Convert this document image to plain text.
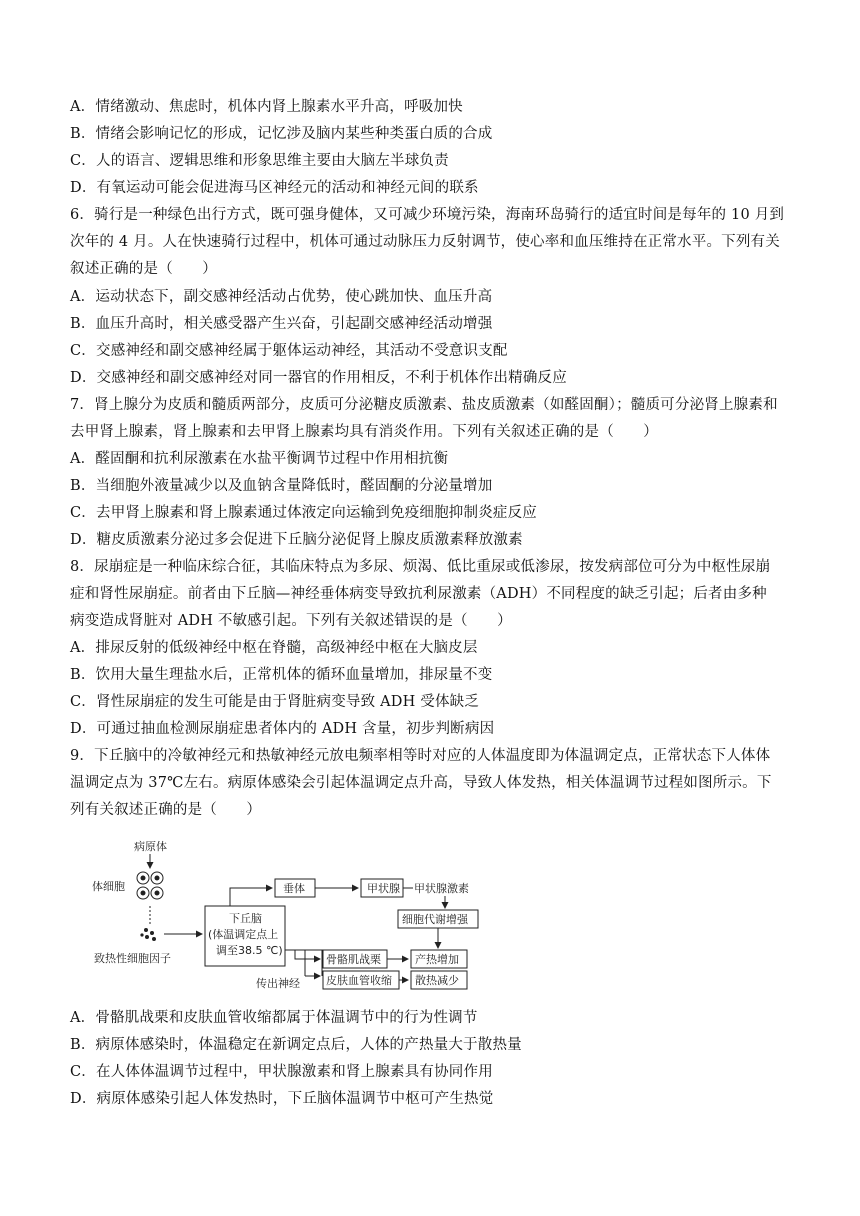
A．情绪激动、焦虑时，机体内肾上腺素水平升高，呼吸加快
B．情绪会影响记忆的形成，记忆涉及脑内某些种类蛋白质的合成
C．人的语言、逻辑思维和形象思维主要由大脑左半球负责
D．有氧运动可能会促进海马区神经元的活动和神经元间的联系
6．骑行是一种绿色出行方式，既可强身健体，又可减少环境污染，海南环岛骑行的适宜时间是每年的 10 月到
次年的 4 月。人在快速骑行过程中，机体可通过动脉压力反射调节，使心率和血压维持在正常水平。下列有关
叙述正确的是（　　）
A．运动状态下，副交感神经活动占优势，使心跳加快、血压升高
B．血压升高时，相关感受器产生兴奋，引起副交感神经活动增强
C．交感神经和副交感神经属于躯体运动神经，其活动不受意识支配
D．交感神经和副交感神经对同一器官的作用相反，不利于机体作出精确反应
7．肾上腺分为皮质和髓质两部分，皮质可分泌糖皮质激素、盐皮质激素（如醛固酮）；髓质可分泌肾上腺素和
去甲肾上腺素，肾上腺素和去甲肾上腺素均具有消炎作用。下列有关叙述正确的是（　　）
A．醛固酮和抗利尿激素在水盐平衡调节过程中作用相抗衡
B．当细胞外液量减少以及血钠含量降低时，醛固酮的分泌量增加
C．去甲肾上腺素和肾上腺素通过体液定向运输到免疫细胞抑制炎症反应
D．糖皮质激素分泌过多会促进下丘脑分泌促肾上腺皮质激素释放激素
8．尿崩症是一种临床综合征，其临床特点为多尿、烦渴、低比重尿或低渗尿，按发病部位可分为中枢性尿崩
症和肾性尿崩症。前者由下丘脑—神经垂体病变导致抗利尿激素（ADH）不同程度的缺乏引起；后者由多种
病变造成肾脏对 ADH 不敏感引起。下列有关叙述错误的是（　　）
A．排尿反射的低级神经中枢在脊髓，高级神经中枢在大脑皮层
B．饮用大量生理盐水后，正常机体的循环血量增加，排尿量不变
C．肾性尿崩症的发生可能是由于肾脏病变导致 ADH 受体缺乏
D．可通过抽血检测尿崩症患者体内的 ADH 含量，初步判断病因
9．下丘脑中的冷敏神经元和热敏神经元放电频率相等时对应的人体温度即为体温调定点，正常状态下人体体
温调定点为 37℃左右。病原体感染会引起体温调定点升高，导致人体发热，相关体温调节过程如图所示。下
列有关叙述正确的是（　　）
病原体
体细胞
致热性细胞因子
下丘脑
(体温调定点上
调至38.5 ℃)
垂体	甲状腺 甲状腺激素
细胞代谢增强
骨骼肌战栗	产热增加
皮肤血管收缩 散热减少
传出神经
A．骨骼肌战栗和皮肤血管收缩都属于体温调节中的行为性调节
B．病原体感染时，体温稳定在新调定点后，人体的产热量大于散热量
C．在人体体温调节过程中，甲状腺激素和肾上腺素具有协同作用
D．病原体感染引起人体发热时，下丘脑体温调节中枢可产生热觉
